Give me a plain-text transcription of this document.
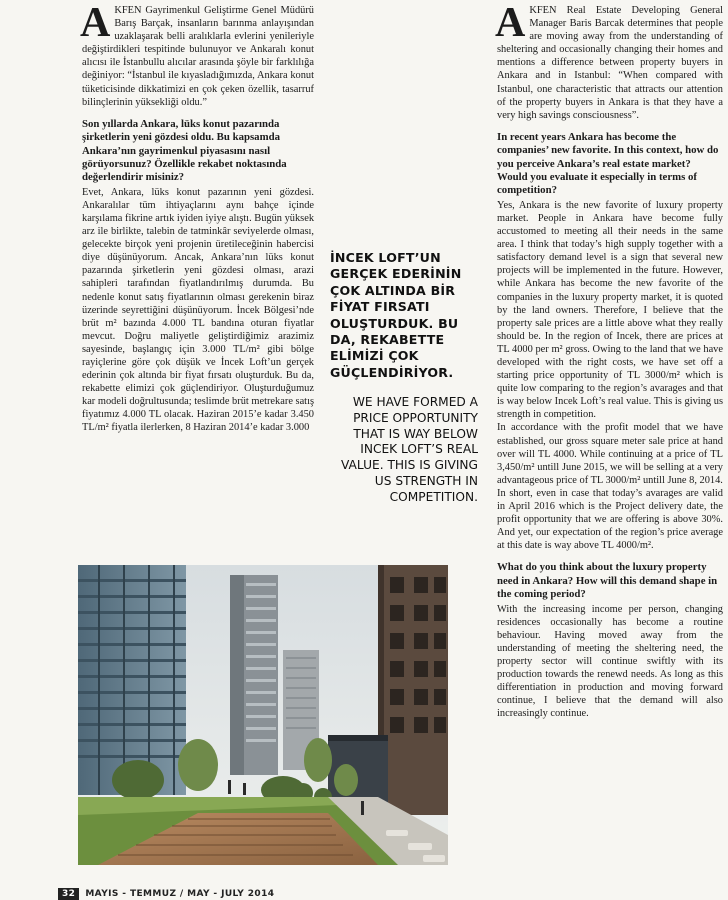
AKFEN Gayrimenkul Geliştirme Genel Müdürü Barış Barçak, insanların barınma anlayışından uzaklaşarak belli aralıklarla evlerini yenileriyle değiştirdikleri tespitinde bulunuyor ve Ankaralı konut alıcısı ile İstanbullu alıcılar arasında şöyle bir farklılığa değiniyor: “İstanbul ile kıyasladığımızda, Ankara konut tüketicisinde dikkatimizi en çok çeken özellik, tasarruf bilinçlerinin yüksekliği oldu.”

Son yıllarda Ankara, lüks konut pazarında şirketlerin yeni gözdesi oldu. Bu kapsamda Ankara’nın gayrimenkul piyasasını nasıl görüyorsunuz? Özellikle rekabet noktasında değerlendirir misiniz?

Evet, Ankara, lüks konut pazarının yeni gözdesi. Ankaralılar tüm ihtiyaçlarını aynı bahçe içinde karşılama fikrine artık iyiden iyiye alıştı. Bugün yüksek arz ile birlikte, talebin de tatminkâr seviyelerde olması, gelecekte birçok yeni projenin üretileceğinin habercisi diye düşünüyorum. Ancak, Ankara’nın lüks konut pazarında şirketlerin yeni gözdesi olması, arazi sahipleri tarafından fiyatlandırılmış durumda. Bu nedenle konut satış fiyatlarının olması gerekenin biraz üzerinde seyrettiğini düşünüyorum. İncek Bölgesi’nde brüt m² bazında 4.000 TL bandına oturan fiyatlar mevcut. Doğru maliyetle geliştirdiğimiz arazimiz sayesinde, başlangıç için 3.000 TL/m² gibi bölge rayiçlerine göre çok düşük ve İncek Loft’un gerçek ederinin çok altında bir fiyat fırsatı oluşturduk. Bu da, rekabette elimizi çok güçlendiriyor. Oluşturduğumuz kar modeli doğrultusunda; teslimde brüt metrekare satış fiyatımız 4.000 TL olacak. Haziran 2015’e kadar 3.450 TL/m² fiyatla ilerlerken, 8 Haziran 2014’e kadar 3.000

İNCEK LOFT’UN GERÇEK EDERİNİN ÇOK ALTINDA BİR FİYAT FIRSATI OLUŞTURDUK. BU DA, REKABETTE ELİMİZİ ÇOK GÜÇLENDİRİYOR.
WE HAVE FORMED A PRICE OPPORTUNITY THAT IS WAY BELOW INCEK LOFT’S REAL VALUE. THIS IS GIVING US STRENGTH IN COMPETITION.

AKFEN Real Estate Developing General Manager Baris Barcak determines that people are moving away from the understanding of sheltering and occasionally changing their homes and mentions a difference between property buyers in Ankara and in Istanbul: “When compared with Istanbul, one characteristic that attracts our attention of the property buyers in Ankara is that they have a very high savings consciousness”.

In recent years Ankara has become the companies’ new favorite. In this context, how do you perceive Ankara’s real estate market? Would you evaluate it especially in terms of competition?

Yes, Ankara is the new favorite of luxury property market. People in Ankara have become fully accustomed to meeting all their needs in the same area. I think that today’s high supply together with a satisfactory demand level is a sign that several new projects will be implemented in the future. However, while Ankara has become the new favorite of the companies in the luxury property market, it is quoted by the land owners. Therefore, I believe that the property sale prices are a little above what they really should be. In the region of Incek, there are prices at TL 4000 per m² gross. Owing to the land that we have developed with the right costs, we have set off a starting price opportunity of TL 3000/m² which is quite low comparing to the region’s avarages and that is way below Incek Loft’s real value. This is giving us strength in competition.

In accordance with the profit model that we have established, our gross square meter sale price at hand over will TL 4000. While continuing at a price of TL 3,450/m² untill June 2015, we will be selling at a very advantageous price of TL 3000/m² untill June 8, 2014.

In short, even in case that today’s avarages are valid in April 2016 which is the Project delivery date, the profit opportunity that we are offering is above 30%. And yet, our expectation of the region’s price average at this date is way above TL 4000/m².

What do you think about the luxury property need in Ankara? How will this demand shape in the coming period?

With the increasing income per person, changing residences occasionally has become a routine behaviour. Having moved away from the understanding of meeting the sheltering need, the property sector will continue swiftly with its production towards the renewd needs. As long as this differentiation in production and moving forward continue, I believe that the demand will also increasingly continue.

32 MAYIS - TEMMUZ / MAY - JULY 2014
